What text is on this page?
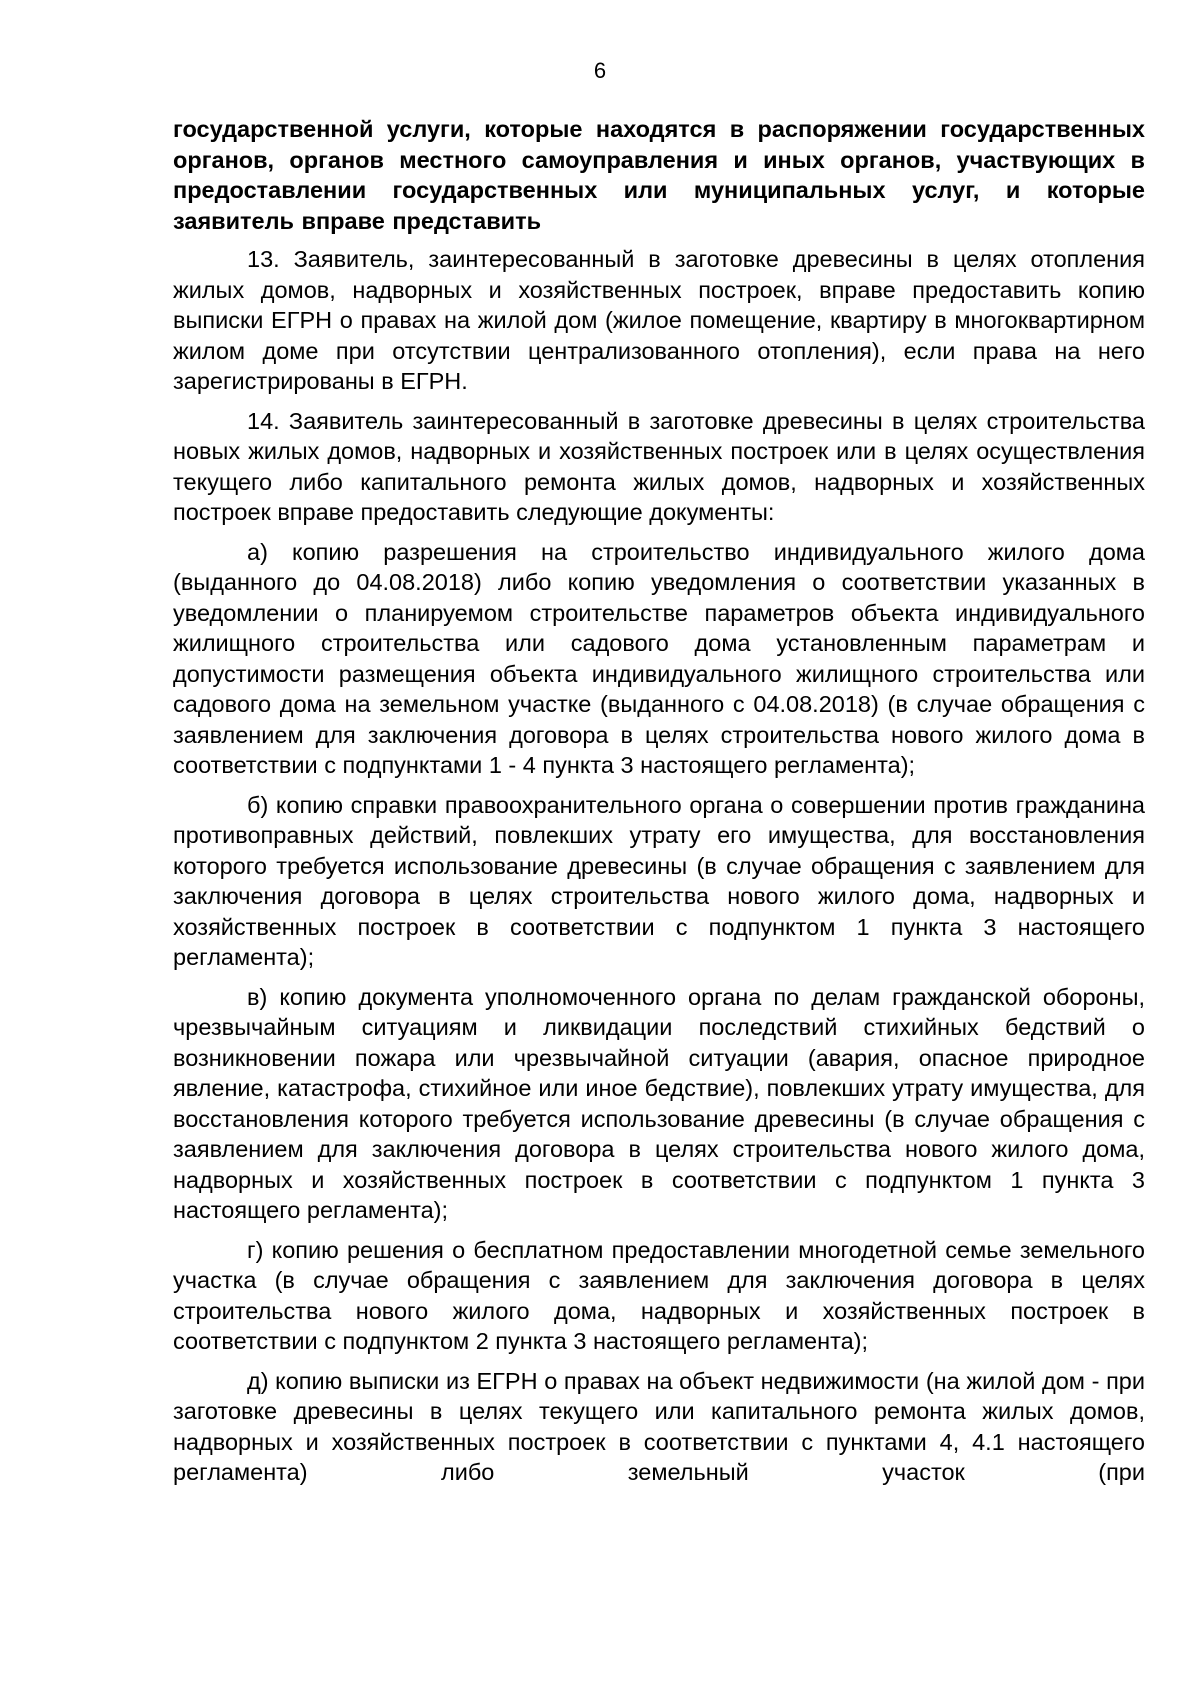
6

государственной услуги, которые находятся в распоряжении государственных органов, органов местного самоуправления и иных органов, участвующих в предоставлении государственных или муниципальных услуг, и которые заявитель вправе представить

13. Заявитель, заинтересованный в заготовке древесины в целях отопления жилых домов, надворных и хозяйственных построек, вправе предоставить копию выписки ЕГРН о правах на жилой дом (жилое помещение, квартиру в многоквартирном жилом доме при отсутствии централизованного отопления), если права на него зарегистрированы в ЕГРН.

14. Заявитель заинтересованный в заготовке древесины в целях строительства новых жилых домов, надворных и хозяйственных построек или в целях осуществления текущего либо капитального ремонта жилых домов, надворных и хозяйственных построек вправе предоставить следующие документы:

а) копию разрешения на строительство индивидуального жилого дома (выданного до 04.08.2018) либо копию уведомления о соответствии указанных в уведомлении о планируемом строительстве параметров объекта индивидуального жилищного строительства или садового дома установленным параметрам и допустимости размещения объекта индивидуального жилищного строительства или садового дома на земельном участке (выданного с 04.08.2018) (в случае обращения с заявлением для заключения договора в целях строительства нового жилого дома в соответствии с подпунктами 1 - 4 пункта 3 настоящего регламента);

б) копию справки правоохранительного органа о совершении против гражданина противоправных действий, повлекших утрату его имущества, для восстановления которого требуется использование древесины (в случае обращения с заявлением для заключения договора в целях строительства нового жилого дома, надворных и хозяйственных построек в соответствии с подпунктом 1 пункта 3 настоящего регламента);

в) копию документа уполномоченного органа по делам гражданской обороны, чрезвычайным ситуациям и ликвидации последствий стихийных бедствий о возникновении пожара или чрезвычайной ситуации (авария, опасное природное явление, катастрофа, стихийное или иное бедствие), повлекших утрату имущества, для восстановления которого требуется использование древесины (в случае обращения с заявлением для заключения договора в целях строительства нового жилого дома, надворных и хозяйственных построек в соответствии с подпунктом 1 пункта 3 настоящего регламента);

г) копию решения о бесплатном предоставлении многодетной семье земельного участка (в случае обращения с заявлением для заключения договора в целях строительства нового жилого дома, надворных и хозяйственных построек в соответствии с подпунктом 2 пункта 3 настоящего регламента);

д) копию выписки из ЕГРН о правах на объект недвижимости (на жилой дом - при заготовке древесины в целях текущего или капитального ремонта жилых домов, надворных и хозяйственных построек в соответствии с пунктами 4, 4.1 настоящего регламента) либо земельный участок (при
